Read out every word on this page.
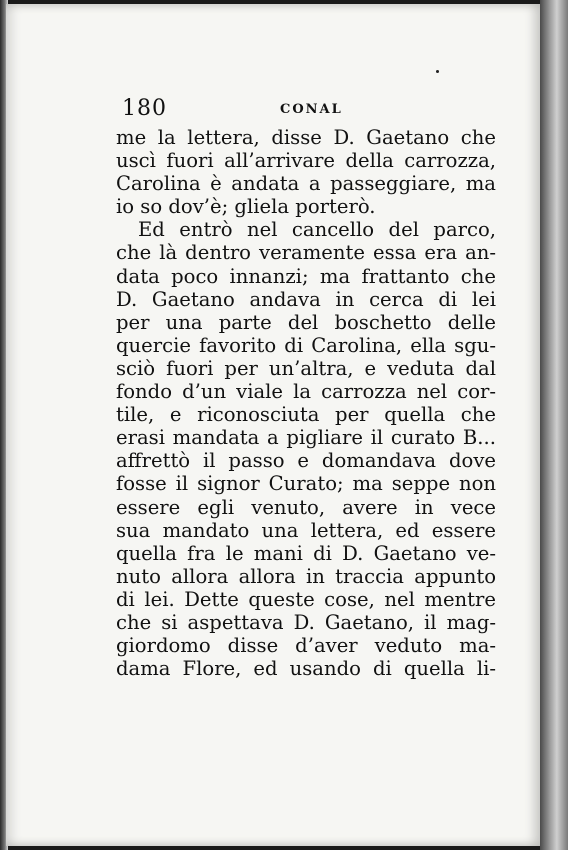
180	CONAL
me la lettera, disse D. Gaetano che
uscì fuori all’arrivare della carrozza,
Carolina è andata a passeggiare, ma
io so dov’è; glielа porterò.
Ed entrò nel cancello del parco,
che là dentro veramente essa era an-
data poco innanzi; ma frattanto che
D. Gaetano andava in cerca di lei
per una parte del boschetto delle
quercie favorito di Carolina, ella sgu-
sciò fuori per un’altra, e veduta dal
fondo d’un viale la carrozza nel cor-
tile, e riconosciuta per quella che
erasi mandata a pigliare il curato B...
affrettò il passo e domandava dove
fosse il signor Curato; ma seppe non
essere egli venuto, avere in vece
sua mandato una lettera, ed essere
quella fra le mani di D. Gaetano ve-
nuto allora allora in traccia appunto
di lei. Dette queste cose, nel mentre
che si aspettava D. Gaetano, il mag-
giordomo disse d’aver veduto ma-
dama Flore, ed usando di quella li-
